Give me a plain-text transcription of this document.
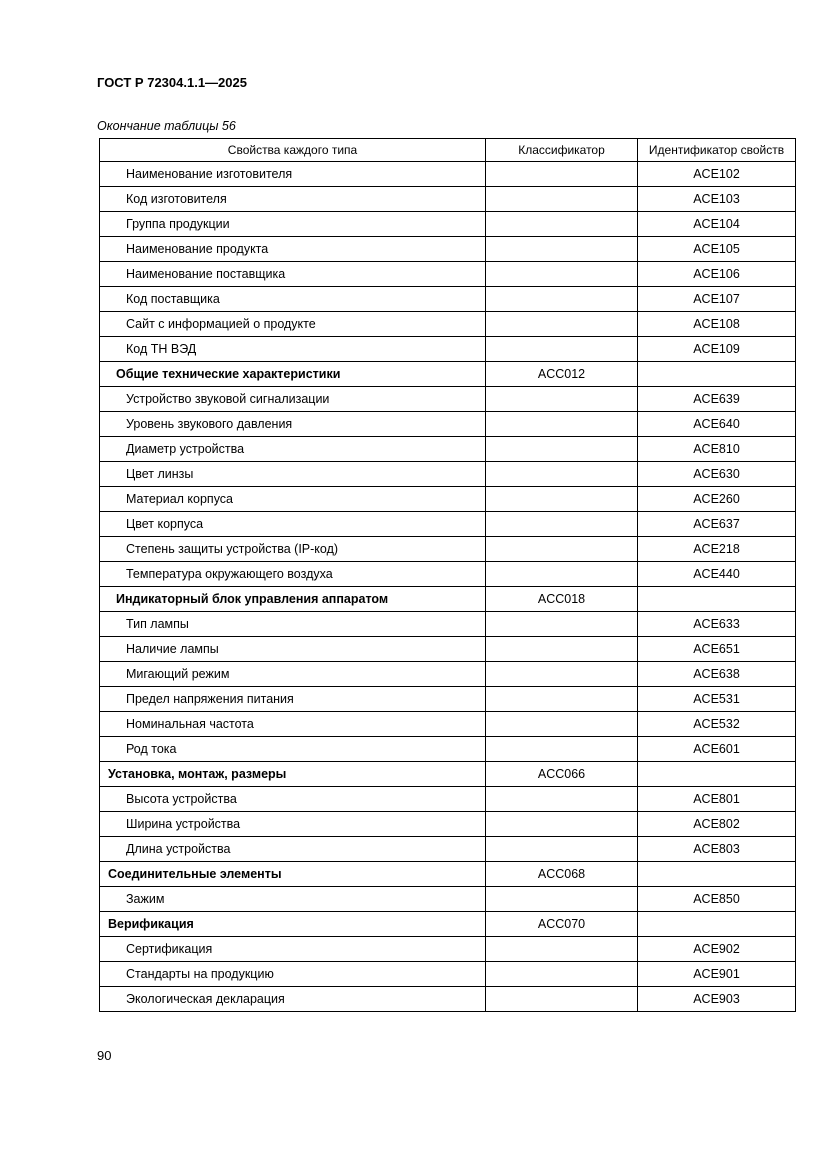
ГОСТ Р 72304.1.1—2025
Окончание таблицы 56
Свойства каждого типа	Классификатор	Идентификатор свойств
Наименование изготовителя		ACE102
Код изготовителя		ACE103
Группа продукции		ACE104
Наименование продукта		ACE105
Наименование поставщика		ACE106
Код поставщика		ACE107
Сайт с информацией о продукте		ACE108
Код ТН ВЭД		ACE109
Общие технические характеристики	ACC012	
Устройство звуковой сигнализации		ACE639
Уровень звукового давления		ACE640
Диаметр устройства		ACE810
Цвет линзы		ACE630
Материал корпуса		ACE260
Цвет корпуса		ACE637
Степень защиты устройства (IP-код)		ACE218
Температура окружающего воздуха		ACE440
Индикаторный блок управления аппаратом	ACC018	
Тип лампы		ACE633
Наличие лампы		ACE651
Мигающий режим		ACE638
Предел напряжения питания		ACE531
Номинальная частота		ACE532
Род тока		ACE601
Установка, монтаж, размеры	ACC066	
Высота устройства		ACE801
Ширина устройства		ACE802
Длина устройства		ACE803
Соединительные элементы	ACC068	
Зажим		ACE850
Верификация	ACC070	
Сертификация		ACE902
Стандарты на продукцию		ACE901
Экологическая декларация		ACE903
90
